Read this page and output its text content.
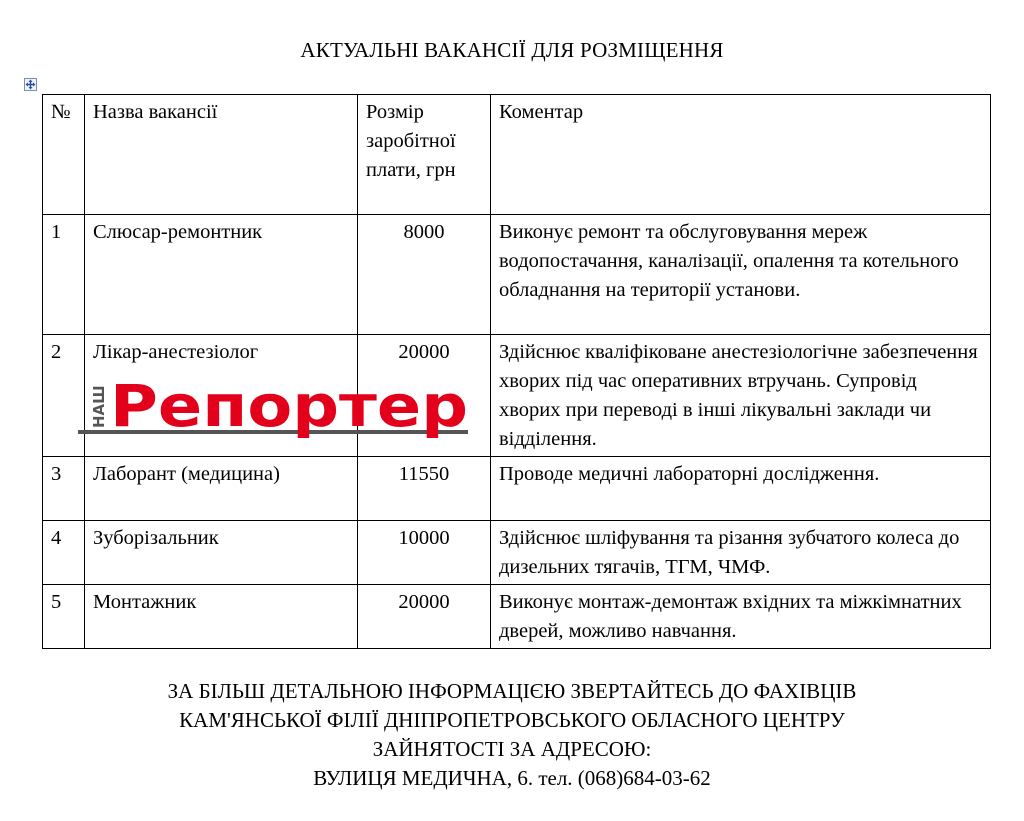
АКТУАЛЬНІ ВАКАНСІЇ ДЛЯ РОЗМІЩЕННЯ
№	Назва вакансії	Розмір заробітної плати, грн	Коментар
1	Слюсар-ремонтник	8000	Виконує ремонт та обслуговування мереж водопостачання, каналізації, опалення та котельного обладнання на території установи.
2	Лікар-анестезіолог	20000	Здійснює кваліфіковане анестезіологічне забезпечення хворих під час оперативних втручань. Супровід хворих при переводі в інші лікувальні заклади чи відділення.
3	Лаборант (медицина)	11550	Проводе медичні лабораторні дослідження.
4	Зуборізальник	10000	Здійснює шліфування та різання зубчатого колеса до дизельних тягачів, ТГМ, ЧМФ.
5	Монтажник	20000	Виконує монтаж-демонтаж вхідних та міжкімнатних дверей, можливо навчання.
НАШ Репортер
ЗА БІЛЬШ ДЕТАЛЬНОЮ ІНФОРМАЦІЄЮ ЗВЕРТАЙТЕСЬ ДО ФАХІВЦІВ
КАМ'ЯНСЬКОЇ ФІЛІЇ ДНІПРОПЕТРОВСЬКОГО ОБЛАСНОГО ЦЕНТРУ
ЗАЙНЯТОСТІ ЗА АДРЕСОЮ:
ВУЛИЦЯ МЕДИЧНА, 6. тел. (068)684-03-62
